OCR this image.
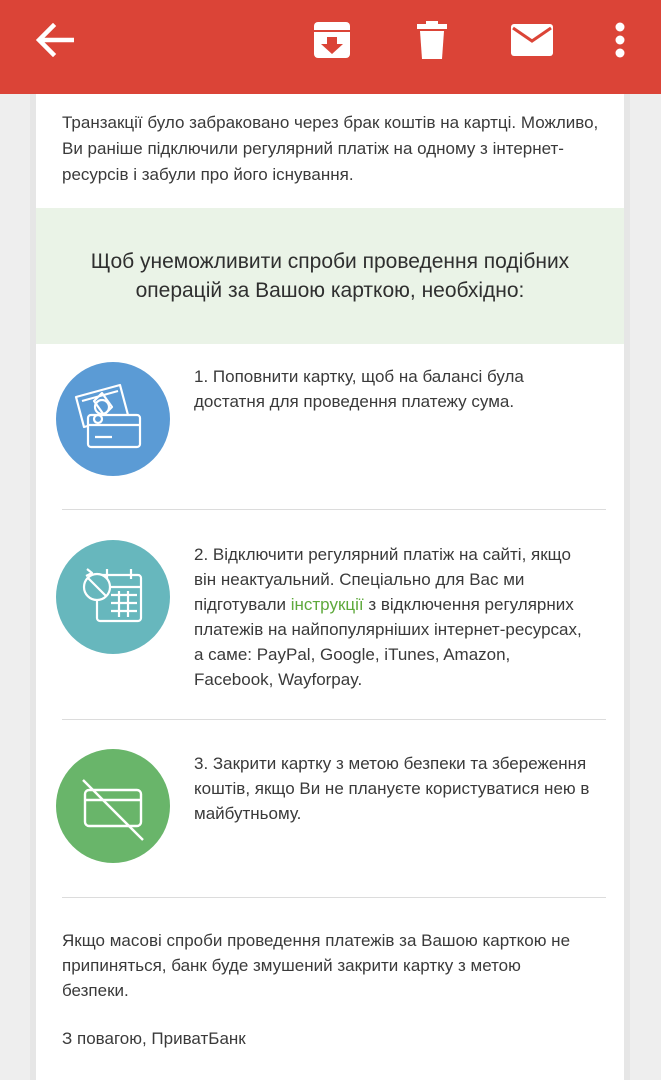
Транзакції було забраковано через брак коштів на картці. Можливо, Ви раніше підключили регулярний платіж на одному з інтернет-ресурсів і забули про його існування.
Щоб унеможливити спроби проведення подібних операцій за Вашою карткою, необхідно:
1. Поповнити картку, щоб на балансі була достатня для проведення платежу сума.
2. Відключити регулярний платіж на сайті, якщо він неактуальний. Спеціально для Вас ми підготували інструкції з відключення регулярних платежів на найпопулярніших інтернет-ресурсах, а саме: PayPal, Google, iTunes, Amazon, Facebook, Wayforpay.
3. Закрити картку з метою безпеки та збереження коштів, якщо Ви не плануєте користуватися нею в майбутньому.
Якщо масові спроби проведення платежів за Вашою карткою не припиняться, банк буде змушений закрити картку з метою безпеки.
З повагою, ПриватБанк
